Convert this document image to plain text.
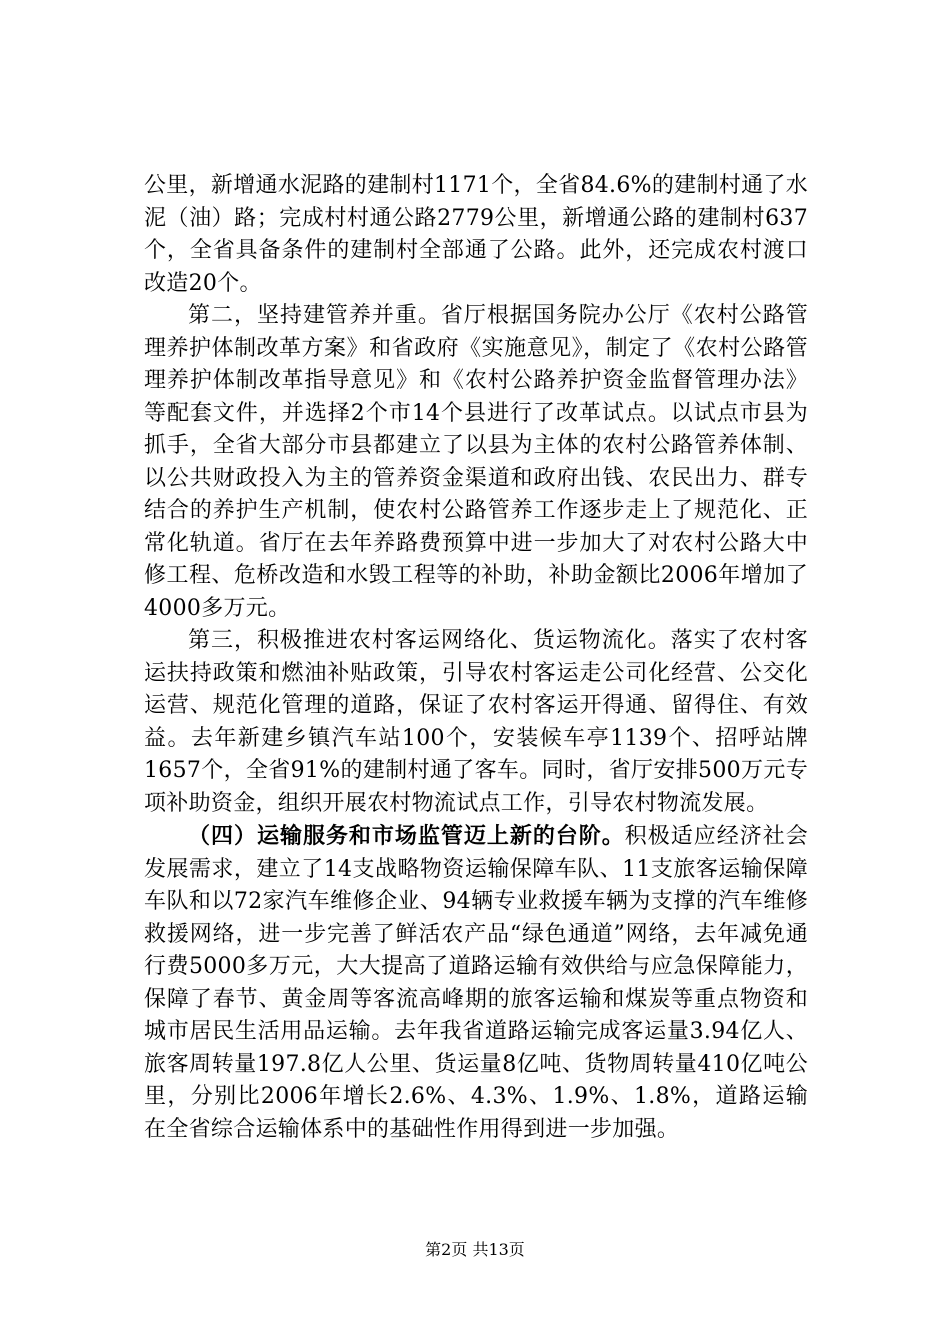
公里，新增通水泥路的建制村1171个，全省84.6%的建制村通了水泥（油）路；完成村村通公路2779公里，新增通公路的建制村637个，全省具备条件的建制村全部通了公路。此外，还完成农村渡口改造20个。

第二，坚持建管养并重。省厅根据国务院办公厅《农村公路管理养护体制改革方案》和省政府《实施意见》，制定了《农村公路管理养护体制改革指导意见》和《农村公路养护资金监督管理办法》等配套文件，并选择2个市14个县进行了改革试点。以试点市县为抓手，全省大部分市县都建立了以县为主体的农村公路管养体制、以公共财政投入为主的管养资金渠道和政府出钱、农民出力、群专结合的养护生产机制，使农村公路管养工作逐步走上了规范化、正常化轨道。省厅在去年养路费预算中进一步加大了对农村公路大中修工程、危桥改造和水毁工程等的补助，补助金额比2006年增加了4000多万元。

第三，积极推进农村客运网络化、货运物流化。落实了农村客运扶持政策和燃油补贴政策，引导农村客运走公司化经营、公交化运营、规范化管理的道路，保证了农村客运开得通、留得住、有效益。去年新建乡镇汽车站100个，安装候车亭1139个、招呼站牌1657个，全省91%的建制村通了客车。同时，省厅安排500万元专项补助资金，组织开展农村物流试点工作，引导农村物流发展。

（四）运输服务和市场监管迈上新的台阶。积极适应经济社会发展需求，建立了14支战略物资运输保障车队、11支旅客运输保障车队和以72家汽车维修企业、94辆专业救援车辆为支撑的汽车维修救援网络，进一步完善了鲜活农产品“绿色通道”网络，去年减免通行费5000多万元，大大提高了道路运输有效供给与应急保障能力，保障了春节、黄金周等客流高峰期的旅客运输和煤炭等重点物资和城市居民生活用品运输。去年我省道路运输完成客运量3.94亿人、旅客周转量197.8亿人公里、货运量8亿吨、货物周转量410亿吨公里，分别比2006年增长2.6%、4.3%、1.9%、1.8%，道路运输在全省综合运输体系中的基础性作用得到进一步加强。

第2页 共13页
